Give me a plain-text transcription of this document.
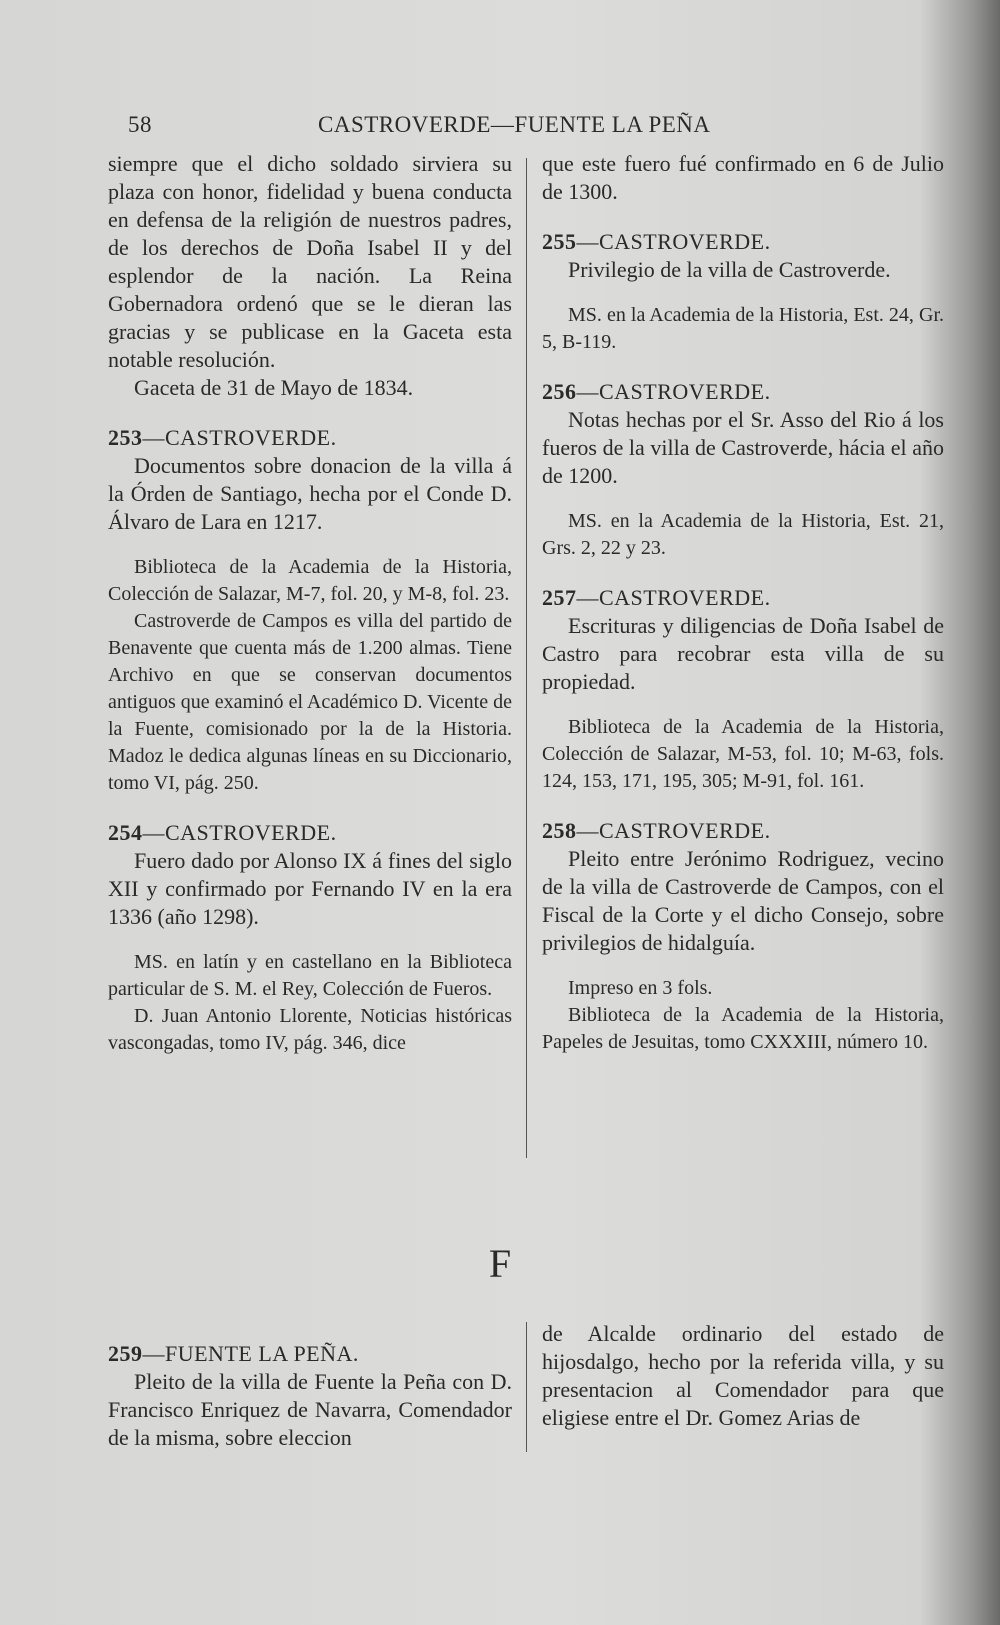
58	CASTROVERDE—FUENTE LA PEÑA

siempre que el dicho soldado sirviera su plaza con honor, fidelidad y buena conducta en defensa de la religión de nuestros padres, de los derechos de Doña Isabel II y del esplendor de la nación. La Reina Gobernadora ordenó que se le dieran las gracias y se publicase en la Gaceta esta notable resolución.

Gaceta de 31 de Mayo de 1834.

253—CASTROVERDE.

Documentos sobre donacion de la villa á la Órden de Santiago, hecha por el Conde D. Álvaro de Lara en 1217.

Biblioteca de la Academia de la Historia, Colección de Salazar, M-7, fol. 20, y M-8, fol. 23.

Castroverde de Campos es villa del partido de Benavente que cuenta más de 1.200 almas. Tiene Archivo en que se conservan documentos antiguos que examinó el Académico D. Vicente de la Fuente, comisionado por la de la Historia. Madoz le dedica algunas líneas en su Diccionario, tomo VI, pág. 250.

254—CASTROVERDE.

Fuero dado por Alonso IX á fines del siglo XII y confirmado por Fernando IV en la era 1336 (año 1298).

MS. en latín y en castellano en la Biblioteca particular de S. M. el Rey, Colección de Fueros.

D. Juan Antonio Llorente, Noticias históricas vascongadas, tomo IV, pág. 346, dice

que este fuero fué confirmado en 6 de Julio de 1300.

255—CASTROVERDE.

Privilegio de la villa de Castroverde.

MS. en la Academia de la Historia, Est. 24, Gr. 5, B-119.

256—CASTROVERDE.

Notas hechas por el Sr. Asso del Rio á los fueros de la villa de Castroverde, hácia el año de 1200.

MS. en la Academia de la Historia, Est. 21, Grs. 2, 22 y 23.

257—CASTROVERDE.

Escrituras y diligencias de Doña Isabel de Castro para recobrar esta villa de su propiedad.

Biblioteca de la Academia de la Historia, Colección de Salazar, M-53, fol. 10; M-63, fols. 124, 153, 171, 195, 305; M-91, fol. 161.

258—CASTROVERDE.

Pleito entre Jerónimo Rodriguez, vecino de la villa de Castroverde de Campos, con el Fiscal de la Corte y el dicho Consejo, sobre privilegios de hidalguía.

Impreso en 3 fols.

Biblioteca de la Academia de la Historia, Papeles de Jesuitas, tomo CXXXIII, número 10.

F

259—FUENTE LA PEÑA.

Pleito de la villa de Fuente la Peña con D. Francisco Enriquez de Navarra, Comendador de la misma, sobre eleccion

de Alcalde ordinario del estado de hijosdalgo, hecho por la referida villa, y su presentacion al Comendador para que eligiese entre el Dr. Gomez Arias de
